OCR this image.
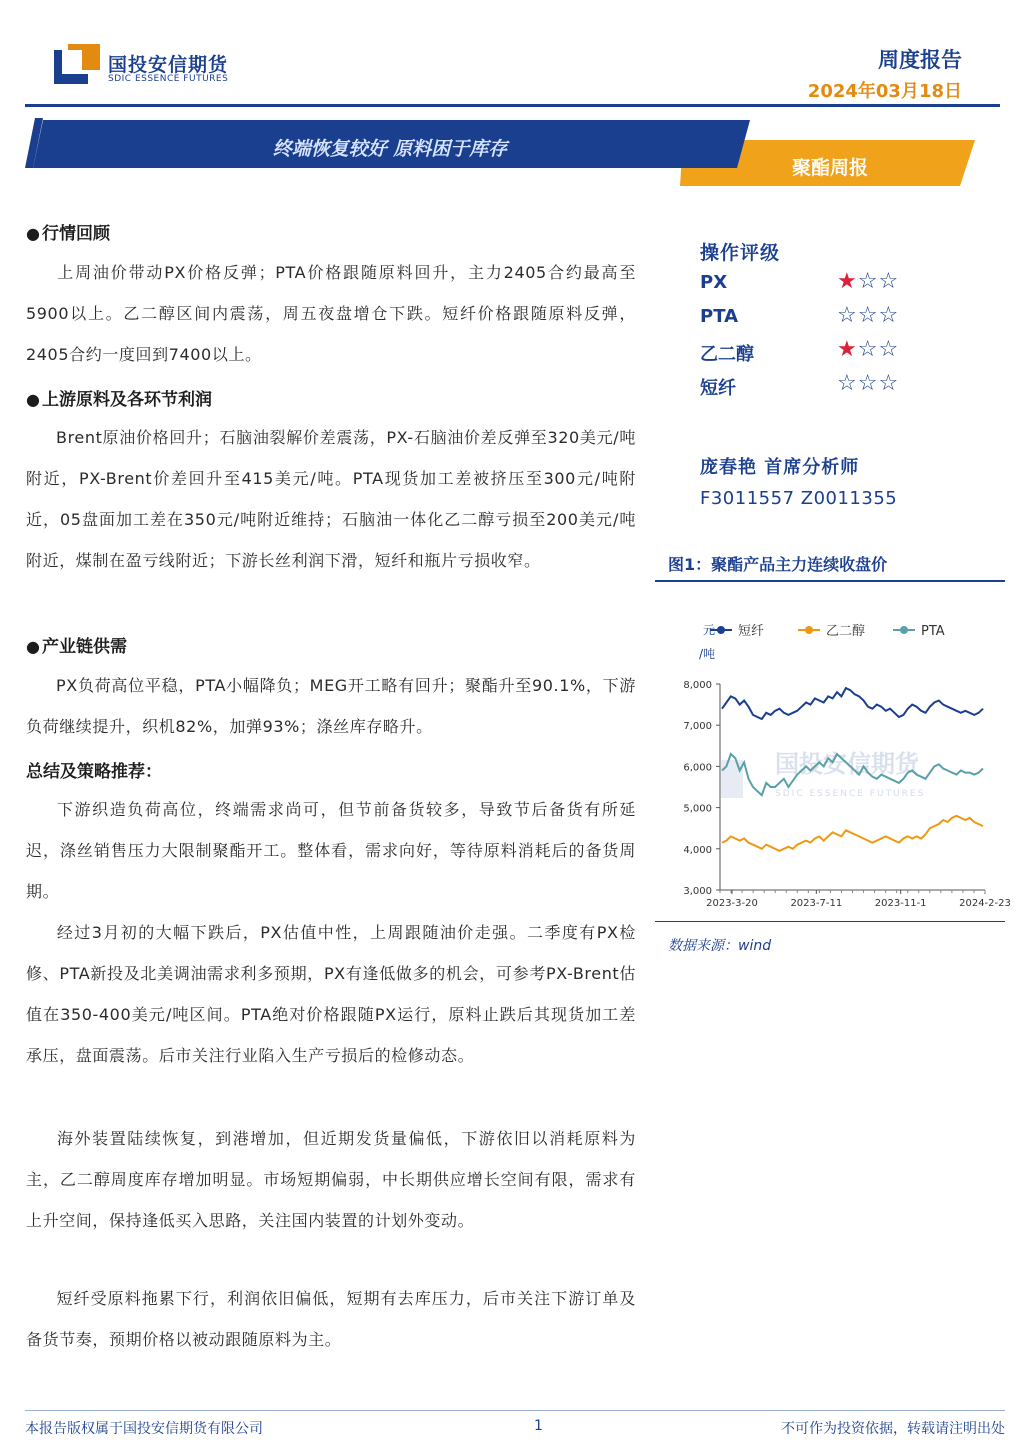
国投安信期货
SDIC ESSENCE FUTURES
周度报告
2024年03月18日
终端恢复较好 原料困于库存
聚酯周报
● 行情回顾
上周油价带动PX价格反弹；PTA价格跟随原料回升，主力2405合约最高至5900以上。乙二醇区间内震荡，周五夜盘增仓下跌。短纤价格跟随原料反弹，2405合约一度回到7400以上。
● 上游原料及各环节利润
Brent原油价格回升；石脑油裂解价差震荡，PX-石脑油价差反弹至320美元/吨附近，PX-Brent价差回升至415美元/吨。PTA现货加工差被挤压至300元/吨附近，05盘面加工差在350元/吨附近维持；石脑油一体化乙二醇亏损至200美元/吨附近，煤制在盈亏线附近；下游长丝利润下滑，短纤和瓶片亏损收窄。
● 产业链供需
PX负荷高位平稳，PTA小幅降负；MEG开工略有回升；聚酯升至90.1%，下游负荷继续提升，织机82%，加弹93%；涤丝库存略升。
总结及策略推荐：
下游织造负荷高位，终端需求尚可，但节前备货较多，导致节后备货有所延迟，涤丝销售压力大限制聚酯开工。整体看，需求向好，等待原料消耗后的备货周期。
经过3月初的大幅下跌后，PX估值中性，上周跟随油价走强。二季度有PX检修、PTA新投及北美调油需求利多预期，PX有逢低做多的机会，可参考PX-Brent估值在350-400美元/吨区间。PTA绝对价格跟随PX运行，原料止跌后其现货加工差承压，盘面震荡。后市关注行业陷入生产亏损后的检修动态。
海外装置陆续恢复，到港增加，但近期发货量偏低，下游依旧以消耗原料为主，乙二醇周度库存增加明显。市场短期偏弱，中长期供应增长空间有限，需求有上升空间，保持逢低买入思路，关注国内装置的计划外变动。
短纤受原料拖累下行，利润依旧偏低，短期有去库压力，后市关注下游订单及备货节奏，预期价格以被动跟随原料为主。
操作评级
PX	★☆☆
PTA	☆☆☆
乙二醇	★☆☆
短纤	☆☆☆
庞春艳 首席分析师
F3011557 Z0011355
图1：聚酯产品主力连续收盘价
国投安信期货
SDIC ESSENCE FUTURES
8,000
7,000
6,000
5,000
4,000
3,000
元
/吨
2023-3-20	2023-7-11	2023-11-1	2024-2-23
短纤	乙二醇	PTA
数据来源：wind
本报告版权属于国投安信期货有限公司	1	不可作为投资依据，转载请注明出处
